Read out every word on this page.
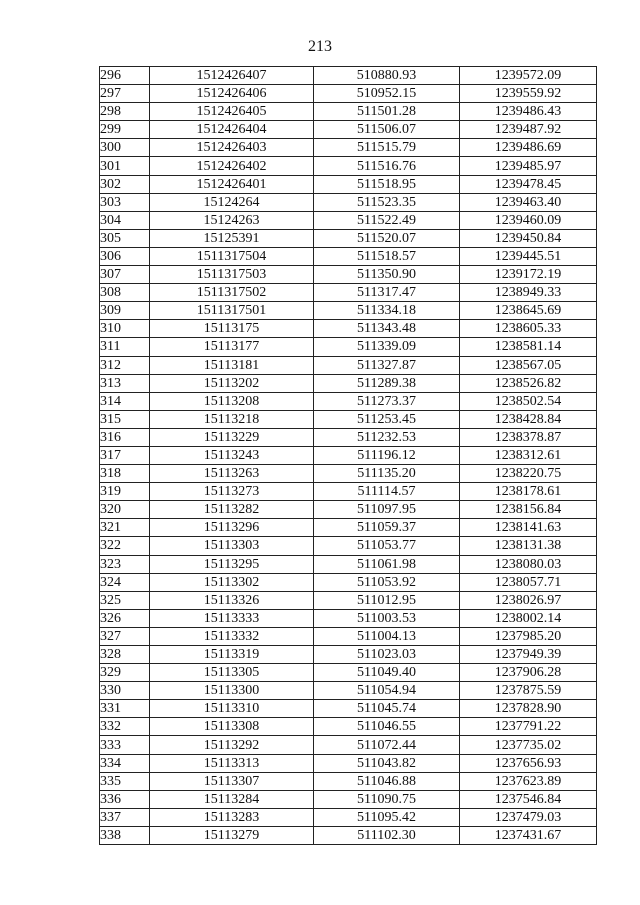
213
296	1512426407	510880.93	1239572.09
297	1512426406	510952.15	1239559.92
298	1512426405	511501.28	1239486.43
299	1512426404	511506.07	1239487.92
300	1512426403	511515.79	1239486.69
301	1512426402	511516.76	1239485.97
302	1512426401	511518.95	1239478.45
303	15124264	511523.35	1239463.40
304	15124263	511522.49	1239460.09
305	15125391	511520.07	1239450.84
306	1511317504	511518.57	1239445.51
307	1511317503	511350.90	1239172.19
308	1511317502	511317.47	1238949.33
309	1511317501	511334.18	1238645.69
310	15113175	511343.48	1238605.33
311	15113177	511339.09	1238581.14
312	15113181	511327.87	1238567.05
313	15113202	511289.38	1238526.82
314	15113208	511273.37	1238502.54
315	15113218	511253.45	1238428.84
316	15113229	511232.53	1238378.87
317	15113243	511196.12	1238312.61
318	15113263	511135.20	1238220.75
319	15113273	511114.57	1238178.61
320	15113282	511097.95	1238156.84
321	15113296	511059.37	1238141.63
322	15113303	511053.77	1238131.38
323	15113295	511061.98	1238080.03
324	15113302	511053.92	1238057.71
325	15113326	511012.95	1238026.97
326	15113333	511003.53	1238002.14
327	15113332	511004.13	1237985.20
328	15113319	511023.03	1237949.39
329	15113305	511049.40	1237906.28
330	15113300	511054.94	1237875.59
331	15113310	511045.74	1237828.90
332	15113308	511046.55	1237791.22
333	15113292	511072.44	1237735.02
334	15113313	511043.82	1237656.93
335	15113307	511046.88	1237623.89
336	15113284	511090.75	1237546.84
337	15113283	511095.42	1237479.03
338	15113279	511102.30	1237431.67
